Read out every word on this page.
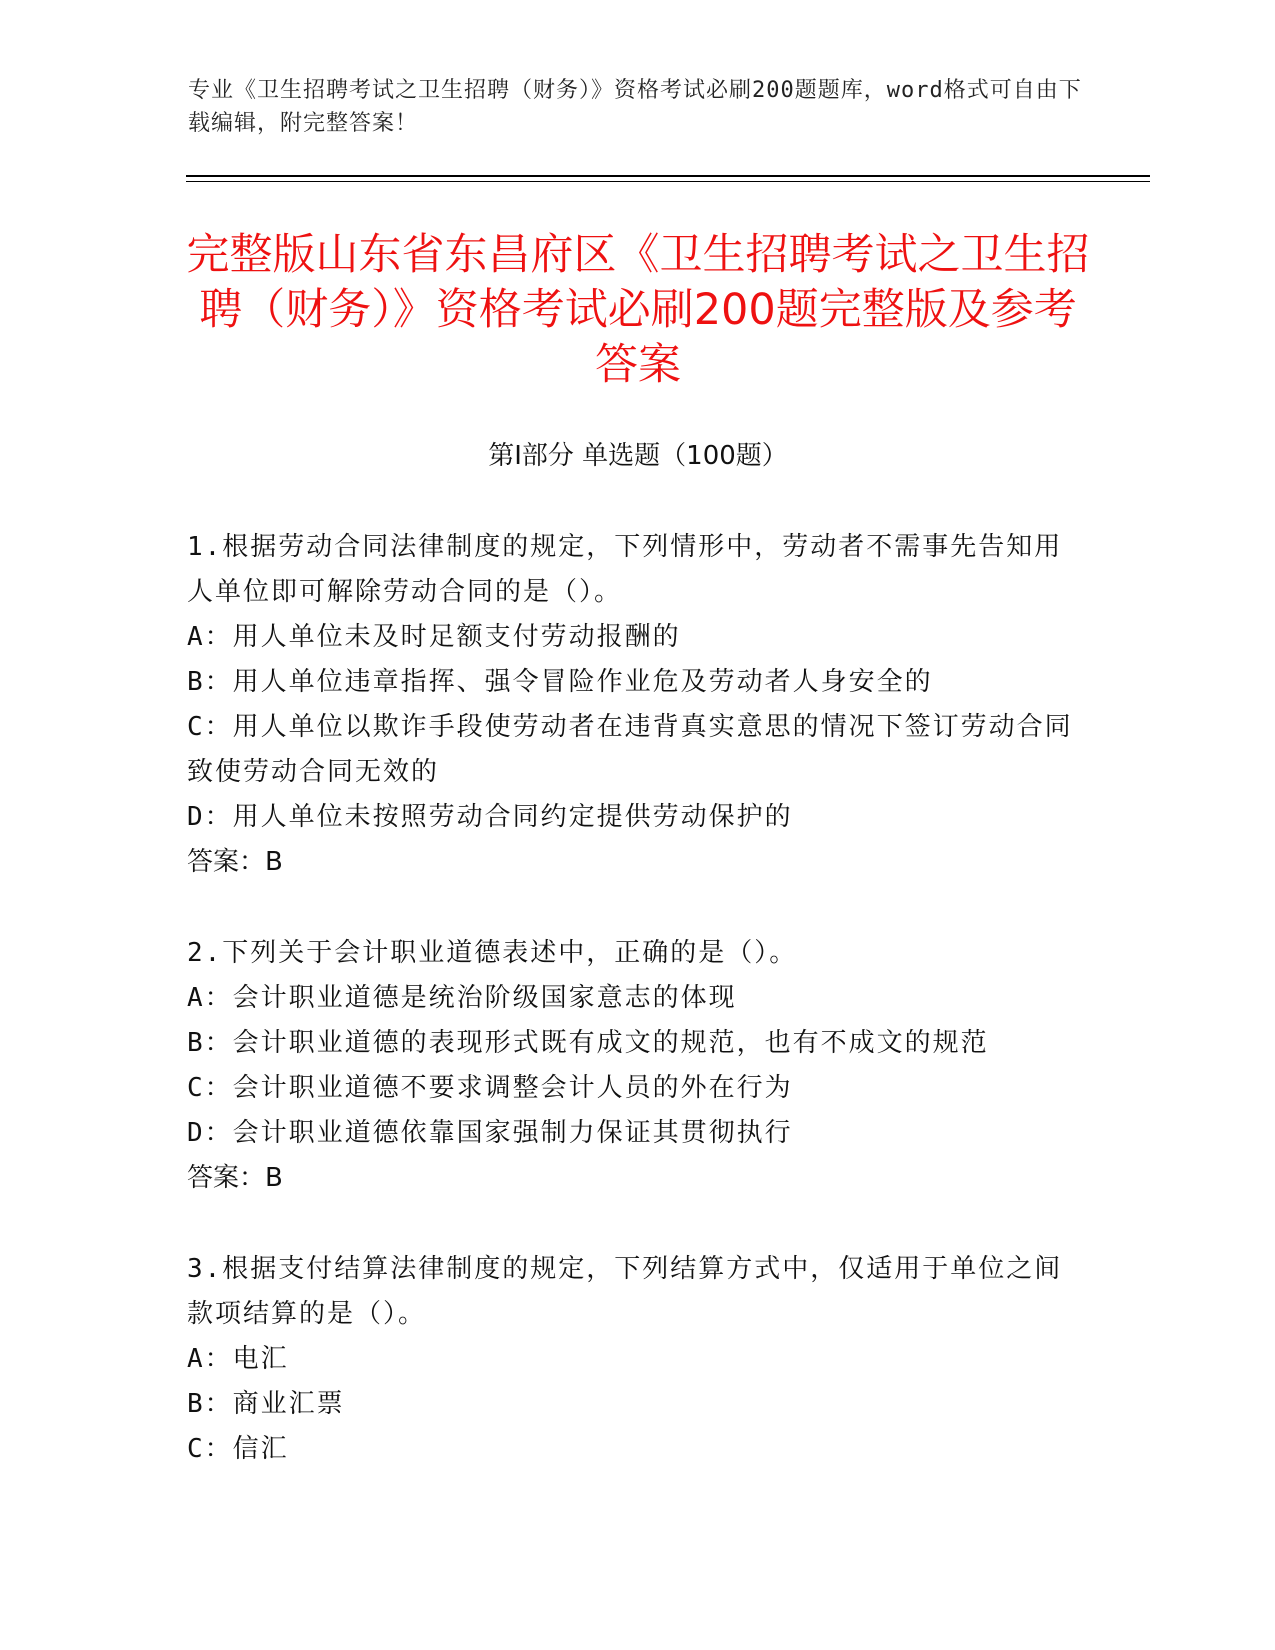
专业《卫生招聘考试之卫生招聘（财务）》资格考试必刷200题题库，word格式可自由下载编辑，附完整答案！
完整版山东省东昌府区《卫生招聘考试之卫生招聘（财务）》资格考试必刷200题完整版及参考答案
第I部分 单选题（100题）
1.根据劳动合同法律制度的规定，下列情形中，劳动者不需事先告知用人单位即可解除劳动合同的是（）。
A：用人单位未及时足额支付劳动报酬的
B：用人单位违章指挥、强令冒险作业危及劳动者人身安全的
C：用人单位以欺诈手段使劳动者在违背真实意思的情况下签订劳动合同致使劳动合同无效的
D：用人单位未按照劳动合同约定提供劳动保护的
答案：B
2.下列关于会计职业道德表述中，正确的是（）。
A：会计职业道德是统治阶级国家意志的体现
B：会计职业道德的表现形式既有成文的规范，也有不成文的规范
C：会计职业道德不要求调整会计人员的外在行为
D：会计职业道德依靠国家强制力保证其贯彻执行
答案：B
3.根据支付结算法律制度的规定，下列结算方式中，仅适用于单位之间款项结算的是（）。
A：电汇
B：商业汇票
C：信汇
